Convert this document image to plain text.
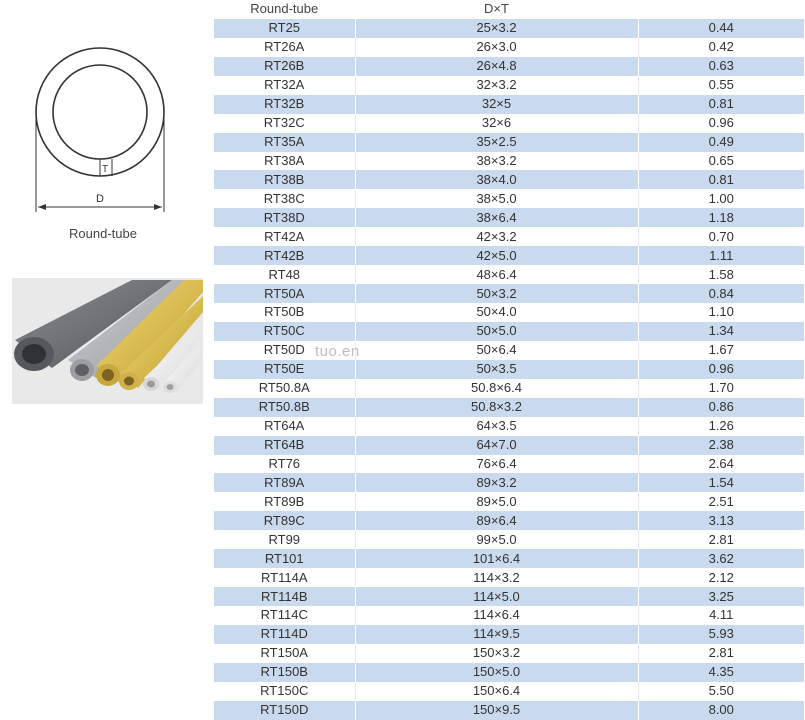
T
D
Round-tube
Round-tube	D×T	
RT25	25×3.2	0.44
RT26A	26×3.0	0.42
RT26B	26×4.8	0.63
RT32A	32×3.2	0.55
RT32B	32×5	0.81
RT32C	32×6	0.96
RT35A	35×2.5	0.49
RT38A	38×3.2	0.65
RT38B	38×4.0	0.81
RT38C	38×5.0	1.00
RT38D	38×6.4	1.18
RT42A	42×3.2	0.70
RT42B	42×5.0	1.11
RT48	48×6.4	1.58
RT50A	50×3.2	0.84
RT50B	50×4.0	1.10
RT50C	50×5.0	1.34
RT50D	50×6.4	1.67
RT50E	50×3.5	0.96
RT50.8A	50.8×6.4	1.70
RT50.8B	50.8×3.2	0.86
RT64A	64×3.5	1.26
RT64B	64×7.0	2.38
RT76	76×6.4	2.64
RT89A	89×3.2	1.54
RT89B	89×5.0	2.51
RT89C	89×6.4	3.13
RT99	99×5.0	2.81
RT101	101×6.4	3.62
RT114A	114×3.2	2.12
RT114B	114×5.0	3.25
RT114C	114×6.4	4.11
RT114D	114×9.5	5.93
RT150A	150×3.2	2.81
RT150B	150×5.0	4.35
RT150C	150×6.4	5.50
RT150D	150×9.5	8.00
tuo.en
